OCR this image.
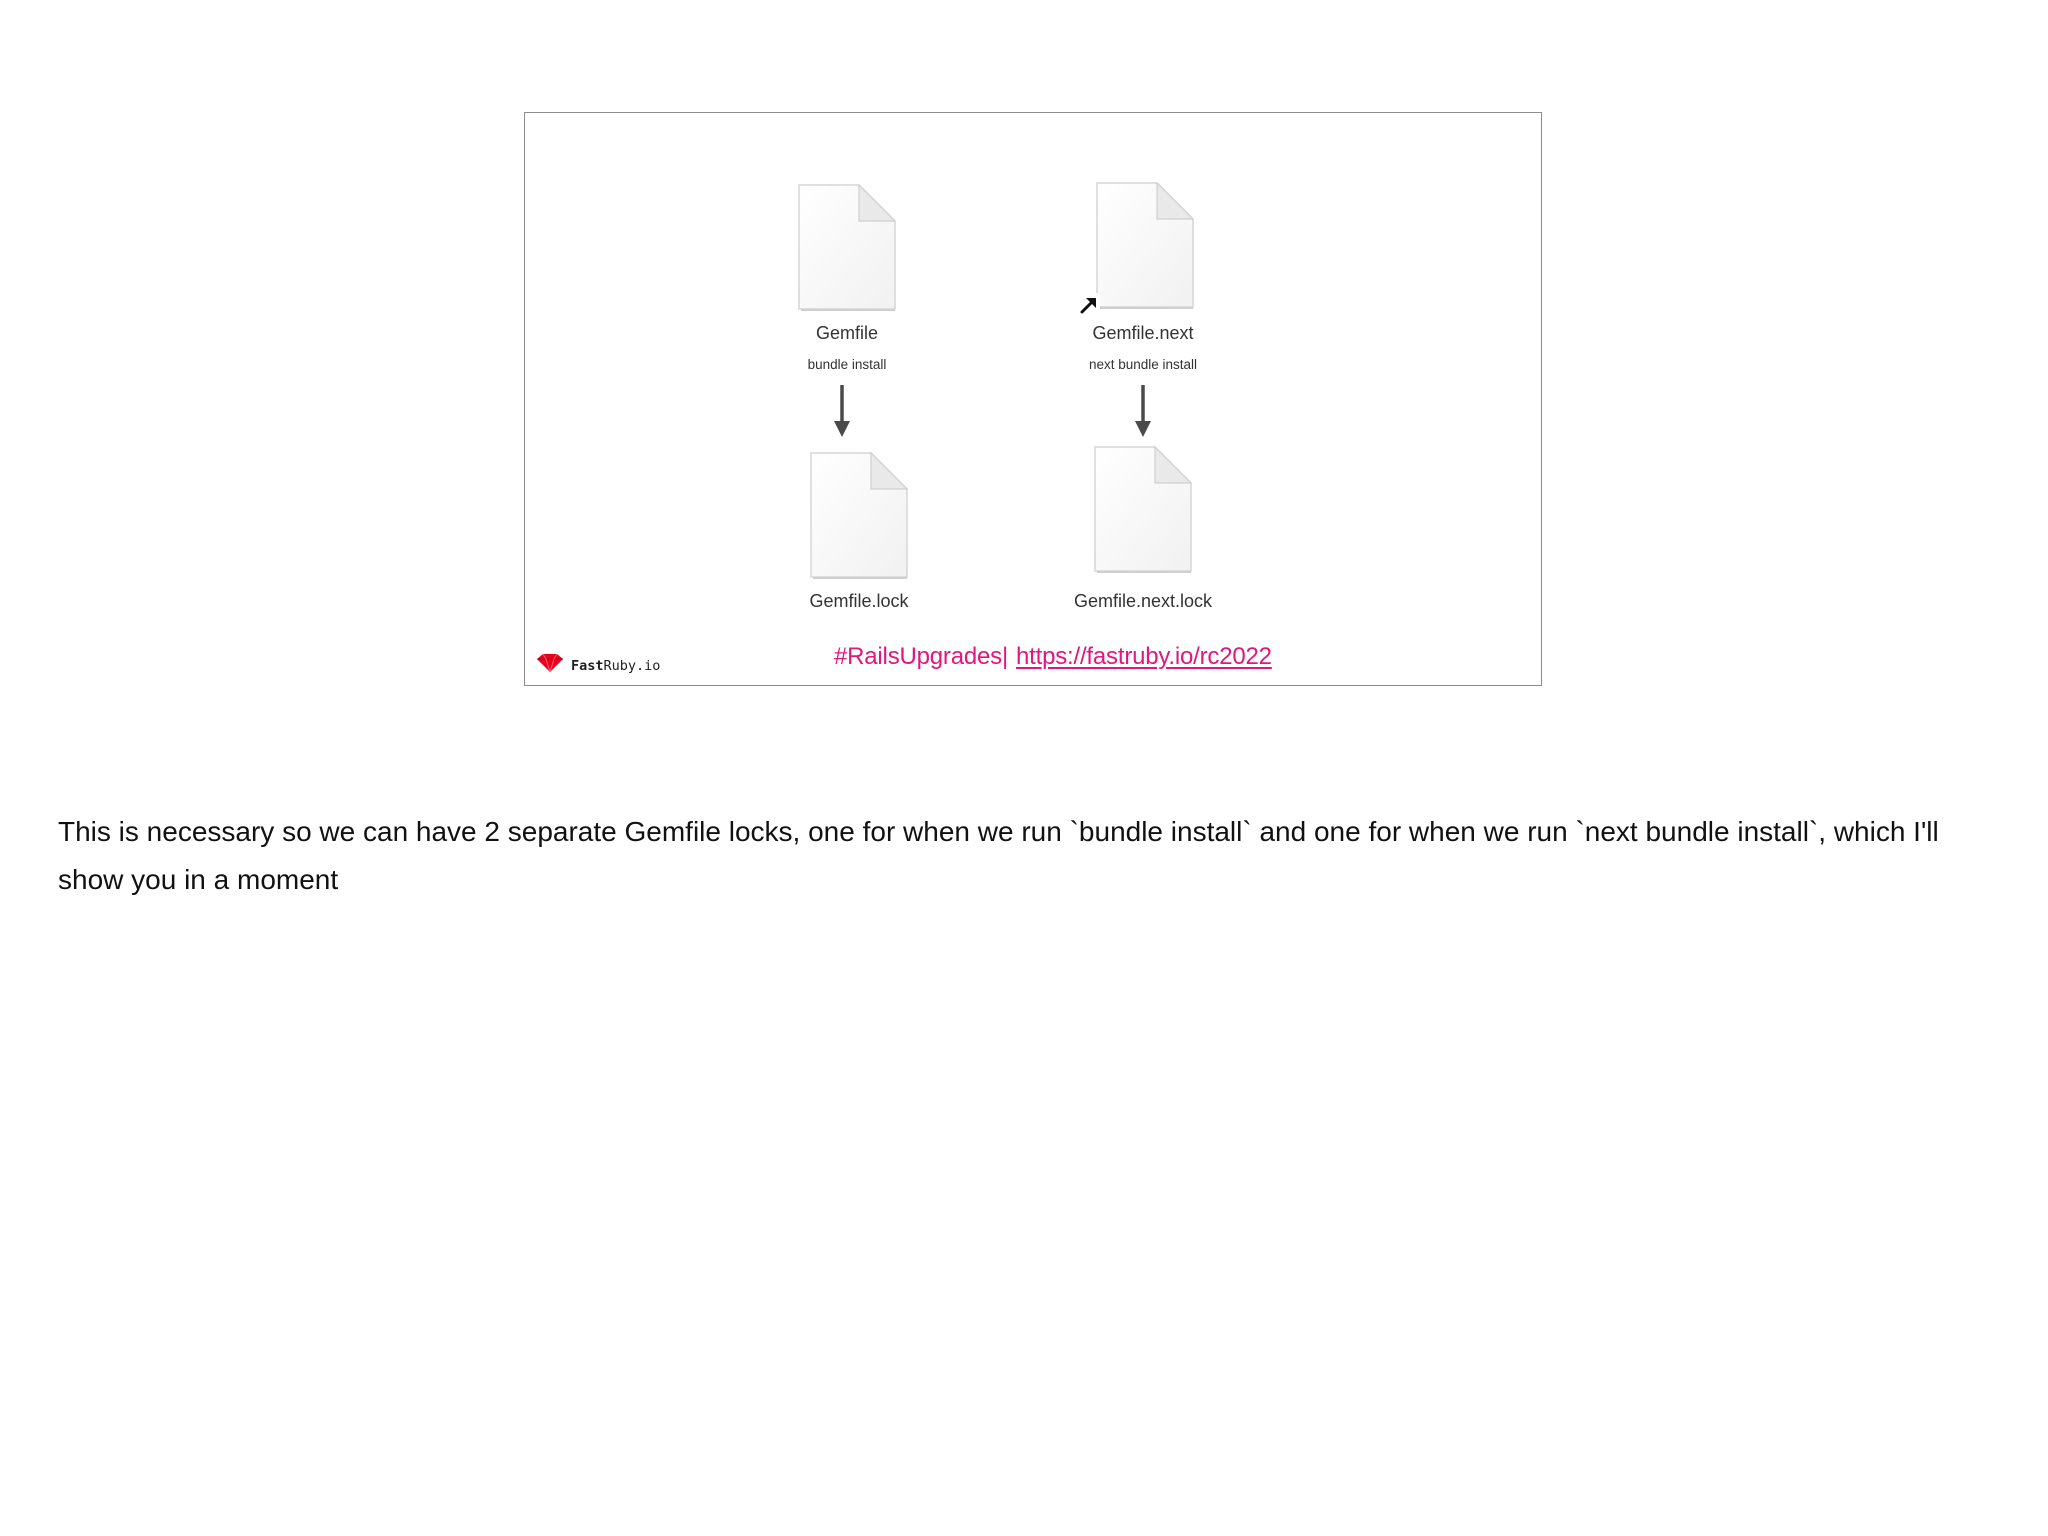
Gemfile
bundle install
Gemfile.next
next bundle install
Gemfile.lock	Gemfile.next.lock
FastRuby.io	#RailsUpgrades| https://fastruby.io/rc2022

This is necessary so we can have 2 separate Gemfile locks, one for when we run `bundle install` and one for when we run `next bundle install`, which I'll show you in a moment
